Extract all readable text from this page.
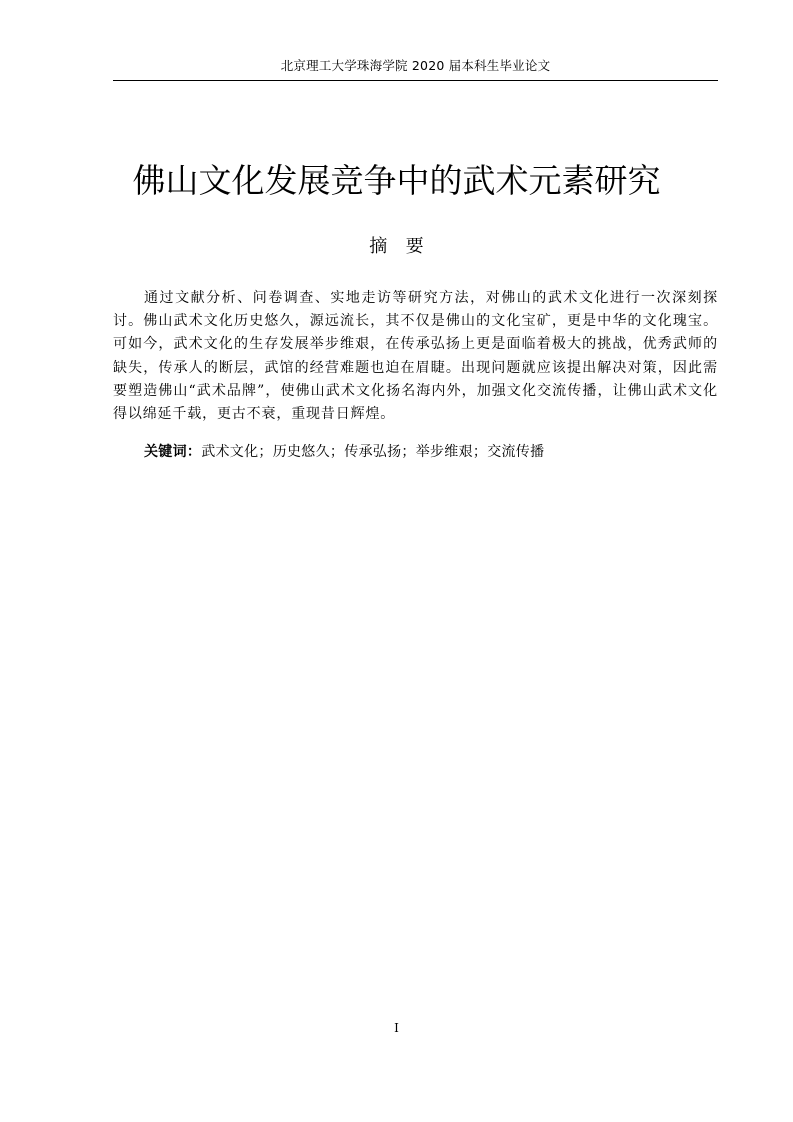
北京理工大学珠海学院 2020 届本科生毕业论文
佛山文化发展竞争中的武术元素研究
摘　要

通过文献分析、问卷调查、实地走访等研究方法，对佛山的武术文化进行一次深刻探讨。佛山武术文化历史悠久，源远流长，其不仅是佛山的文化宝矿，更是中华的文化瑰宝。可如今，武术文化的生存发展举步维艰，在传承弘扬上更是面临着极大的挑战，优秀武师的缺失，传承人的断层，武馆的经营难题也迫在眉睫。出现问题就应该提出解决对策，因此需要塑造佛山“武术品牌”，使佛山武术文化扬名海内外，加强文化交流传播，让佛山武术文化得以绵延千载，更古不衰，重现昔日辉煌。

关键词：武术文化；历史悠久；传承弘扬；举步维艰；交流传播

I
